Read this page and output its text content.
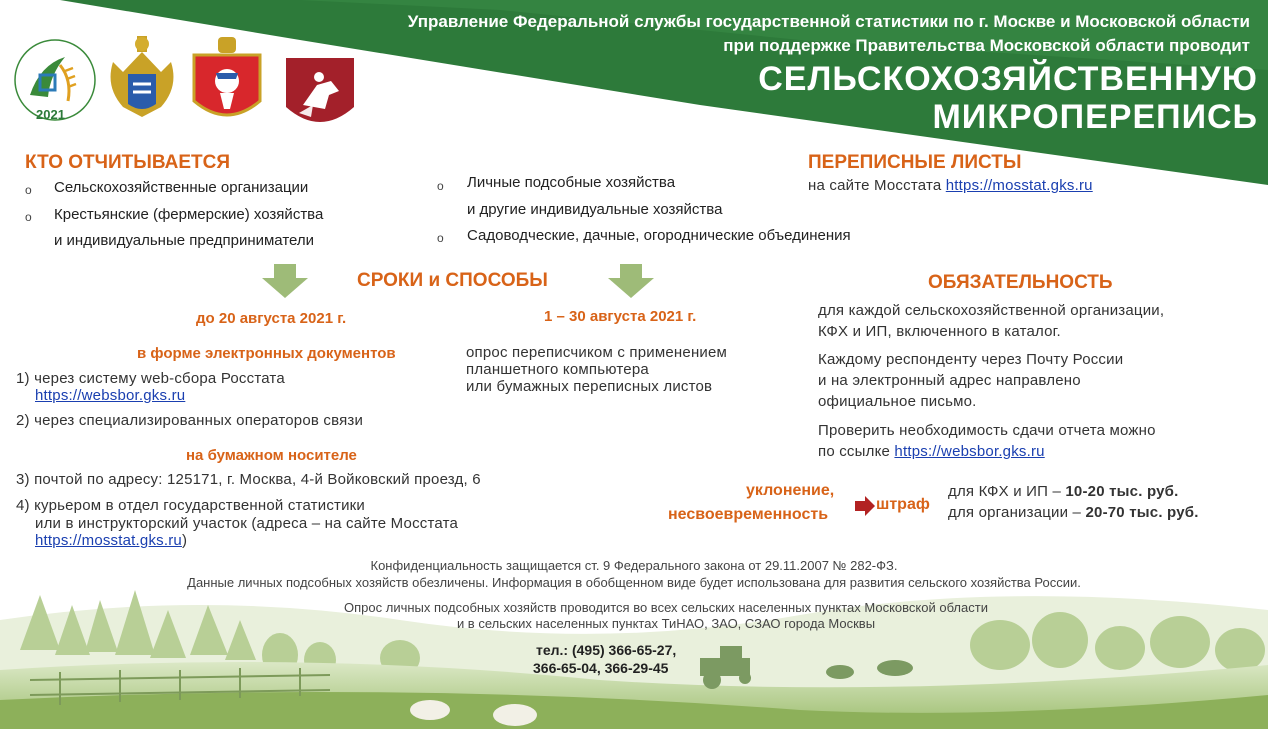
Управление Федеральной службы государственной статистики по г. Москве и Московской области
при поддержке Правительства Московской области проводит
СЕЛЬСКОХОЗЯЙСТВЕННУЮ
МИКРОПЕРЕПИСЬ
2021
КТО ОТЧИТЫВАЕТСЯ
o Сельскохозяйственные организации
o Крестьянские (фермерские) хозяйства
и индивидуальные предприниматели
o Личные подсобные хозяйства
и другие индивидуальные хозяйства
o Садоводческие, дачные, огороднические объединения
ПЕРЕПИСНЫЕ ЛИСТЫ
на сайте Мосстата https://mosstat.gks.ru
СРОКИ и СПОСОБЫ
до 20 августа 2021 г.	1 – 30 августа 2021 г.
в форме электронных документов
1) через систему web-сбора Росстата
https://websbor.gks.ru
2) через специализированных операторов связи
на бумажном носителе
3) почтой по адресу: 125171, г. Москва, 4-й Войковский проезд, 6
4) курьером в отдел государственной статистики
или в инструкторский участок (адреса – на сайте Мосстата
https://mosstat.gks.ru)
опрос переписчиком с применением
планшетного компьютера
или бумажных переписных листов
ОБЯЗАТЕЛЬНОСТЬ
для каждой сельскохозяйственной организации,
КФХ и ИП, включенного в каталог.
Каждому респонденту через Почту России
и на электронный адрес направлено
официальное письмо.
Проверить необходимость сдачи отчета можно
по ссылке https://websbor.gks.ru
уклонение,
несвоевременность
штраф
для КФХ и ИП – 10-20 тыс. руб.
для организации – 20-70 тыс. руб.
Конфиденциальность защищается ст. 9 Федерального закона от 29.11.2007 № 282-ФЗ.
Данные личных подсобных хозяйств обезличены. Информация в обобщенном виде будет использована для развития сельского хозяйства России.
Опрос личных подсобных хозяйств проводится во всех сельских населенных пунктах Московской области
и в сельских населенных пунктах ТиНАО, ЗАО, СЗАО города Москвы
тел.: (495) 366-65-27,
366-65-04, 366-29-45
